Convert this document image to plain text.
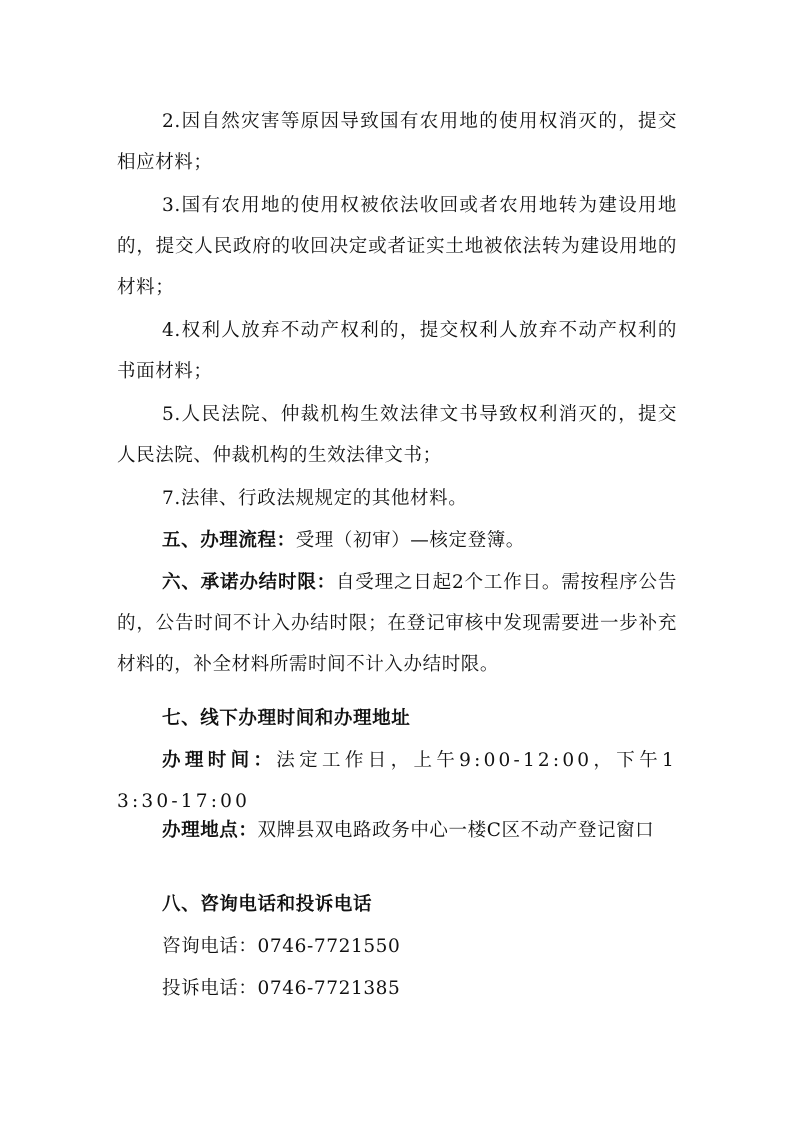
2.因自然灾害等原因导致国有农用地的使用权消灭的，提交相应材料；

3.国有农用地的使用权被依法收回或者农用地转为建设用地的，提交人民政府的收回决定或者证实土地被依法转为建设用地的材料；

4.权利人放弃不动产权利的，提交权利人放弃不动产权利的书面材料；

5.人民法院、仲裁机构生效法律文书导致权利消灭的，提交人民法院、仲裁机构的生效法律文书；

7.法律、行政法规规定的其他材料。

五、办理流程：受理（初审）—核定登簿。

六、承诺办结时限：自受理之日起2个工作日。需按程序公告的，公告时间不计入办结时限；在登记审核中发现需要进一步补充材料的，补全材料所需时间不计入办结时限。

七、线下办理时间和办理地址

办理时间：法定工作日，上午9:00-12:00，下午13:30-17:00

办理地点：双牌县双电路政务中心一楼C区不动产登记窗口

八、咨询电话和投诉电话

咨询电话：0746-7721550

投诉电话：0746-7721385
